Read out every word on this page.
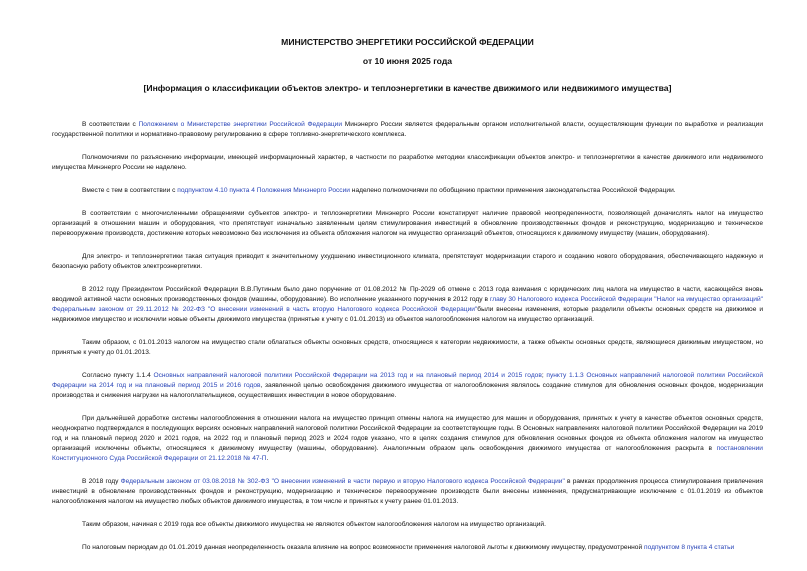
МИНИСТЕРСТВО ЭНЕРГЕТИКИ РОССИЙСКОЙ ФЕДЕРАЦИИ
от 10 июня 2025 года
[Информация о классификации объектов электро- и теплоэнергетики в качестве движимого или недвижимого имущества]

В соответствии с Положением о Министерстве энергетики Российской Федерации Минэнерго России является федеральным органом исполнительной власти, осуществляющим функции по выработке и реализации государственной политики и нормативно-правовому регулированию в сфере топливно-энергетического комплекса.

Полномочиями по разъяснению информации, имеющей информационный характер, в частности по разработке методики классификации объектов электро- и теплоэнергетики в качестве движимого или недвижимого имущества Минэнерго России не наделено.

Вместе с тем в соответствии с подпунктом 4.10 пункта 4 Положения Минэнерго России наделено полномочиями по обобщению практики применения законодательства Российской Федерации.

В соответствии с многочисленными обращениями субъектов электро- и теплоэнергетики Минэнерго России констатирует наличие правовой неопределенности, позволяющей доначислять налог на имущество организаций в отношении машин и оборудования, что препятствует изначально заявленным целям стимулирования инвестиций в обновление производственных фондов и реконструкцию, модернизацию и техническое перевооружение производств, достижение которых невозможно без исключения из объекта обложения налогом на имущество организаций объектов, относящихся к движимому имуществу (машин, оборудования).

Для электро- и теплоэнергетики такая ситуация приводит к значительному ухудшению инвестиционного климата, препятствует модернизации старого и созданию нового оборудования, обеспечивающего надежную и безопасную работу объектов электроэнергетики.

В 2012 году Президентом Российской Федерации В.В.Путиным было дано поручение от 01.08.2012 № Пр-2029 об отмене с 2013 года взимания с юридических лиц налога на имущество в части, касающейся вновь вводимой активной части основных производственных фондов (машины, оборудование). Во исполнение указанного поручения в 2012 году в главу 30 Налогового кодекса Российской Федерации "Налог на имущество организаций" Федеральным законом от 29.11.2012 № 202-ФЗ "О внесении изменений в часть вторую Налогового кодекса Российской Федерации"были внесены изменения, которые разделили объекты основных средств на движимое и недвижимое имущество и исключили новые объекты движимого имущества (принятые к учету с 01.01.2013) из объектов налогообложения налогом на имущество организаций.

Таким образом, с 01.01.2013 налогом на имущество стали облагаться объекты основных средств, относящиеся к категории недвижимости, а также объекты основных средств, являющиеся движимым имуществом, но принятые к учету до 01.01.2013.

Согласно пункту 1.1.4 Основных направлений налоговой политики Российской Федерации на 2013 год и на плановый период 2014 и 2015 годов; пункту 1.1.3 Основных направлений налоговой политики Российской Федерации на 2014 год и на плановый период 2015 и 2016 годов, заявленной целью освобождения движимого имущества от налогообложения являлось создание стимулов для обновления основных фондов, модернизации производства и снижения нагрузки на налогоплательщиков, осуществивших инвестиции в новое оборудование.

При дальнейшей доработке системы налогообложения в отношении налога на имущество принцип отмены налога на имущество для машин и оборудования, принятых к учету в качестве объектов основных средств, неоднократно подтверждался в последующих версиях основных направлений налоговой политики Российской Федерации за соответствующие годы. В Основных направлениях налоговой политики Российской Федерации на 2019 год и на плановый период 2020 и 2021 годов, на 2022 год и плановый период 2023 и 2024 годов указано, что в целях создания стимулов для обновления основных фондов из объекта обложения налогом на имущество организаций исключены объекты, относящиеся к движимому имуществу (машины, оборудование). Аналогичным образом цель освобождения движимого имущества от налогообложения раскрыта в постановлении Конституционного Суда Российской Федерации от 21.12.2018 № 47-П.

В 2018 году Федеральным законом от 03.08.2018 № 302-ФЗ "О внесении изменений в части первую и вторую Налогового кодекса Российской Федерации" в рамках продолжения процесса стимулирования привлечения инвестиций в обновление производственных фондов и реконструкцию, модернизацию и техническое перевооружение производств были внесены изменения, предусматривающие исключение с 01.01.2019 из объектов налогообложения налогом на имущество любых объектов движимого имущества, в том числе и принятых к учету ранее 01.01.2013.

Таким образом, начиная с 2019 года все объекты движимого имущества не являются объектом налогообложения налогом на имущество организаций.

По налоговым периодам до 01.01.2019 данная неопределенность оказала влияние на вопрос возможности применения налоговой льготы к движимому имуществу, предусмотренной подпунктом 8 пункта 4 статьи
